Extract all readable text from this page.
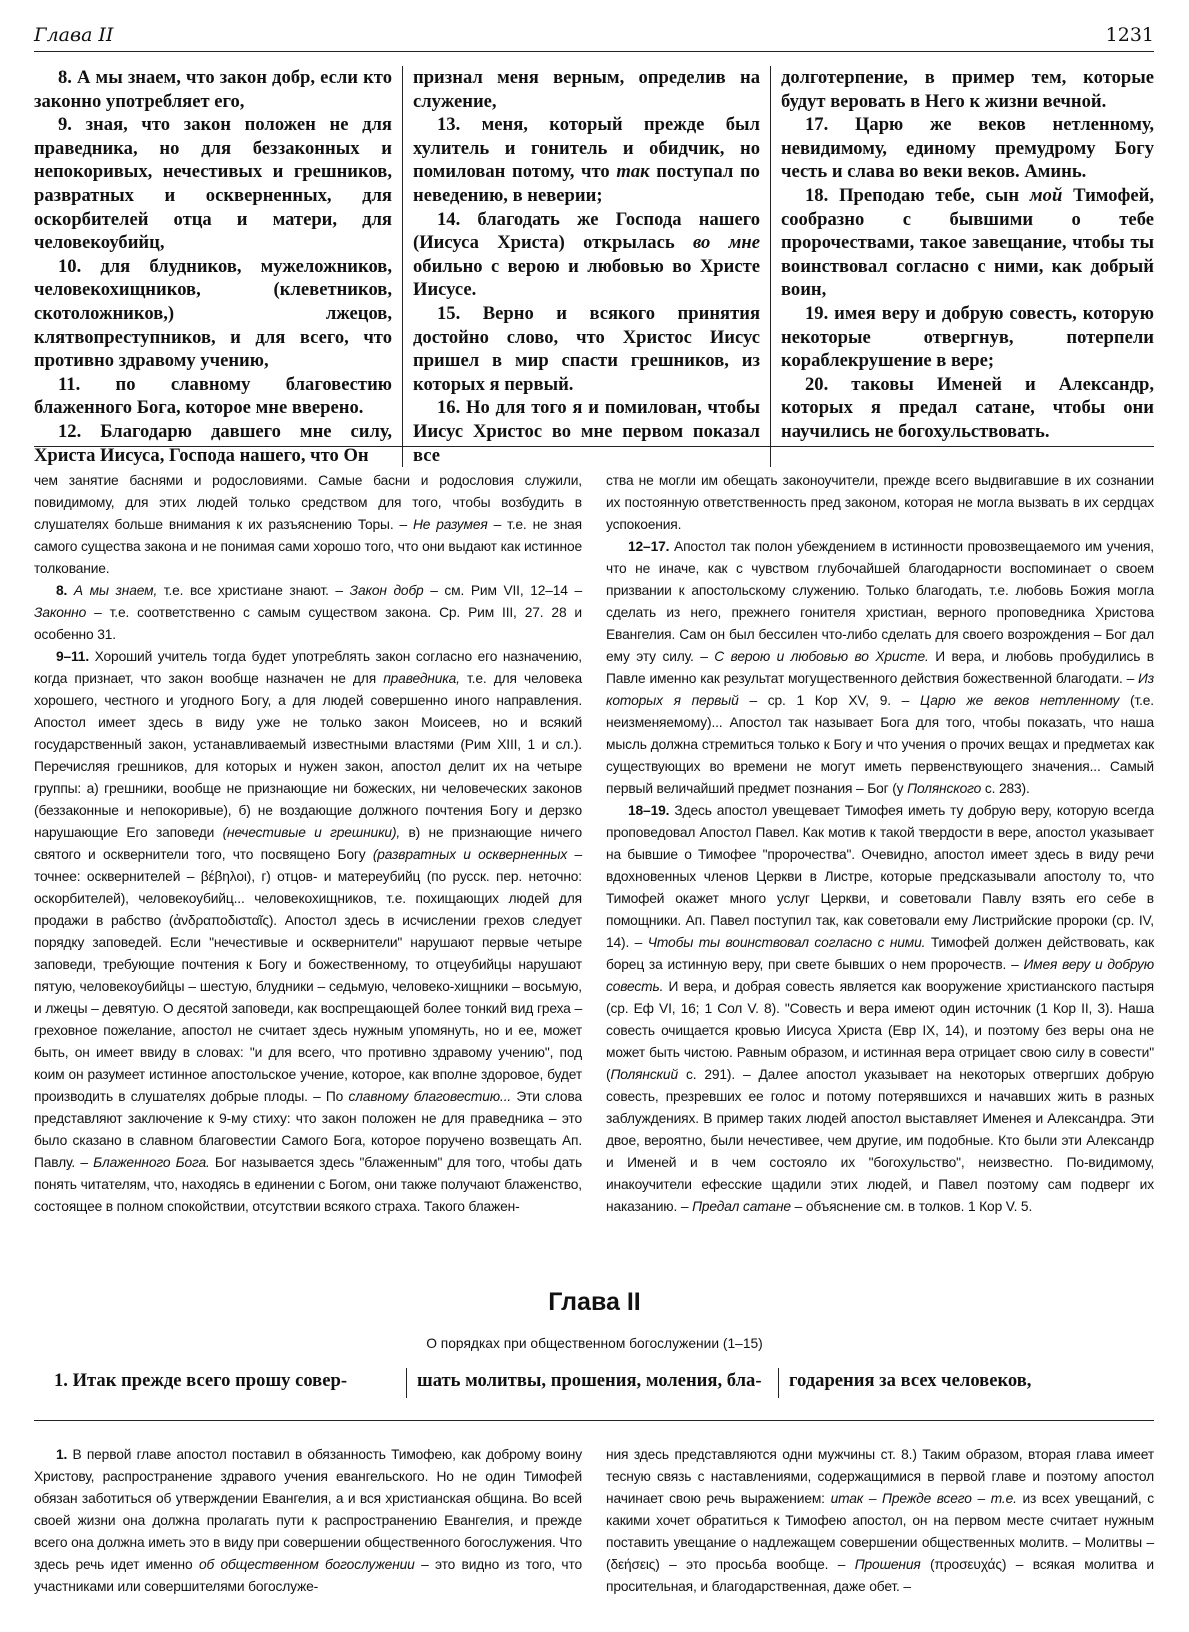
Глава II	1231

8. А мы знаем, что закон добр, если кто законно употребляет его,

9. зная, что закон положен не для праведника, но для беззаконных и непокоривых, нечестивых и грешников, развратных и оскверненных, для оскорбителей отца и матери, для человекоубийц,

10. для блудников, мужеложников, человекохищников, (клеветников, скотоложников,) лжецов, клятвопреступников, и для всего, что противно здравому учению,

11. по славному благовестию блаженного Бога, которое мне вверено.

12. Благодарю давшего мне силу, Христа Иисуса, Господа нашего, что Он

признал меня верным, определив на служение,

13. меня, который прежде был хулитель и гонитель и обидчик, но помилован потому, что так поступал по неведению, в неверии;

14. благодать же Господа нашего (Иисуса Христа) открылась во мне обильно с верою и любовью во Христе Иисусе.

15. Верно и всякого принятия достойно слово, что Христос Иисус пришел в мир спасти грешников, из которых я первый.

16. Но для того я и помилован, чтобы Иисус Христос во мне первом показал все

долготерпение, в пример тем, которые будут веровать в Него к жизни вечной.

17. Царю же веков нетленному, невидимому, единому премудрому Богу честь и слава во веки веков. Аминь.

18. Преподаю тебе, сын мой Тимофей, сообразно с бывшими о тебе пророчествами, такое завещание, чтобы ты воинствовал согласно с ними, как добрый воин,

19. имея веру и добрую совесть, которую некоторые отвергнув, потерпели кораблекрушение в вере;

20. таковы Именей и Александр, которых я предал сатане, чтобы они научились не богохульствовать.

чем занятие баснями и родословиями. Самые басни и родословия служили, повидимому, для этих людей только средством для того, чтобы возбудить в слушателях больше внимания к их разъяснению Торы. – Не разумея – т.е. не зная самого существа закона и не понимая сами хорошо того, что они выдают как истинное толкование.

8. А мы знаем, т.е. все христиане знают. – Закон добр – см. Рим VII, 12–14 – Законно – т.е. соответственно с самым существом закона. Ср. Рим III, 27. 28 и особенно 31.

9–11. Хороший учитель тогда будет употреблять закон согласно его назначению, когда признает, что закон вообще назначен не для праведника, т.е. для человека хорошего, честного и угодного Богу, а для людей совершенно иного направления. Апостол имеет здесь в виду уже не только закон Моисеев, но и всякий государственный закон, устанавливаемый известными властями (Рим XIII, 1 и сл.). Перечисляя грешников, для которых и нужен закон, апостол делит их на четыре группы: а) грешники, вообще не признающие ни божеских, ни человеческих законов (беззаконные и непокоривые), б) не воздающие должного почтения Богу и дерзко нарушающие Его заповеди (нечестивые и грешники), в) не признающие ничего святого и осквернители того, что посвящено Богу (развратных и оскверненных – точнее: осквернителей – βέβηλοι), г) отцов- и матереубийц (по русск. пер. неточно: оскорбителей), человекоубийц... человекохищников, т.е. похищающих людей для продажи в рабство (ἀνδραποδισταῖς). Апостол здесь в исчислении грехов следует порядку заповедей. Если "нечестивые и осквернители" нарушают первые четыре заповеди, требующие почтения к Богу и божественному, то отцеубийцы нарушают пятую, человекоубийцы – шестую, блудники – седьмую, человеко-хищники – восьмую, и лжецы – девятую. О десятой заповеди, как воспрещающей более тонкий вид греха – греховное пожелание, апостол не считает здесь нужным упомянуть, но и ее, может быть, он имеет ввиду в словах: "и для всего, что противно здравому учению", под коим он разумеет истинное апостольское учение, которое, как вполне здоровое, будет производить в слушателях добрые плоды. – По славному благовестию... Эти слова представляют заключение к 9-му стиху: что закон положен не для праведника – это было сказано в славном благовестии Самого Бога, которое поручено возвещать Ап. Павлу. – Блаженного Бога. Бог называется здесь "блаженным" для того, чтобы дать понять читателям, что, находясь в единении с Богом, они также получают блаженство, состоящее в полном спокойствии, отсутствии всякого страха. Такого блажен-

ства не могли им обещать законоучители, прежде всего выдвигавшие в их сознании их постоянную ответственность пред законом, которая не могла вызвать в их сердцах успокоения.

12–17. Апостол так полон убеждением в истинности провозвещаемого им учения, что не иначе, как с чувством глубочайшей благодарности воспоминает о своем призвании к апостольскому служению. Только благодать, т.е. любовь Божия могла сделать из него, прежнего гонителя христиан, верного проповедника Христова Евангелия. Сам он был бессилен что-либо сделать для своего возрождения – Бог дал ему эту силу. – С верою и любовью во Христе. И вера, и любовь пробудились в Павле именно как результат могущественного действия божественной благодати. – Из которых я первый – ср. 1 Кор XV, 9. – Царю же веков нетленному (т.е. неизменяемому)... Апостол так называет Бога для того, чтобы показать, что наша мысль должна стремиться только к Богу и что учения о прочих вещах и предметах как существующих во времени не могут иметь первенствующего значения... Самый первый величайший предмет познания – Бог (у Полянского с. 283).

18–19. Здесь апостол увещевает Тимофея иметь ту добрую веру, которую всегда проповедовал Апостол Павел. Как мотив к такой твердости в вере, апостол указывает на бывшие о Тимофее "пророчества". Очевидно, апостол имеет здесь в виду речи вдохновенных членов Церкви в Листре, которые предсказывали апостолу то, что Тимофей окажет много услуг Церкви, и советовали Павлу взять его себе в помощники. Ап. Павел поступил так, как советовали ему Листрийские пророки (ср. IV, 14). – Чтобы ты воинствовал согласно с ними. Тимофей должен действовать, как борец за истинную веру, при свете бывших о нем пророчеств. – Имея веру и добрую совесть. И вера, и добрая совесть является как вооружение христианского пастыря (ср. Еф VI, 16; 1 Сол V. 8). "Совесть и вера имеют один источник (1 Кор II, 3). Наша совесть очищается кровью Иисуса Христа (Евр IX, 14), и поэтому без веры она не может быть чистою. Равным образом, и истинная вера отрицает свою силу в совести" (Полянский с. 291). – Далее апостол указывает на некоторых отвергших добрую совесть, презревших ее голос и потому потерявшихся и начавших жить в разных заблуждениях. В пример таких людей апостол выставляет Именея и Александра. Эти двое, вероятно, были нечестивее, чем другие, им подобные. Кто были эти Александр и Именей и в чем состояло их "богохульство", неизвестно. По-видимому, инакоучители ефесские щадили этих людей, и Павел поэтому сам подверг их наказанию. – Предал сатане – объяснение см. в толков. 1 Кор V. 5.

Глава II
О порядках при общественном богослужении (1–15)
1. Итак прежде всего прошу совер-	шать молитвы, прошения, моления, бла-	годарения за всех человеков,

1. В первой главе апостол поставил в обязанность Тимофею, как доброму воину Христову, распространение здравого учения евангельского. Но не один Тимофей обязан заботиться об утверждении Евангелия, а и вся христианская община. Во всей своей жизни она должна пролагать пути к распространению Евангелия, и прежде всего она должна иметь это в виду при совершении общественного богослужения. Что здесь речь идет именно об общественном богослужении – это видно из того, что участниками или совершителями богослуже-

ния здесь представляются одни мужчины ст. 8.) Таким образом, вторая глава имеет тесную связь с наставлениями, содержащимися в первой главе и поэтому апостол начинает свою речь выражением: итак – Прежде всего – т.е. из всех увещаний, с какими хочет обратиться к Тимофею апостол, он на первом месте считает нужным поставить увещание о надлежащем совершении общественных молитв. – Молитвы – (δεήσεις) – это просьба вообще. – Прошения (προσευχάς) – всякая молитва и просительная, и благодарственная, даже обет. –
